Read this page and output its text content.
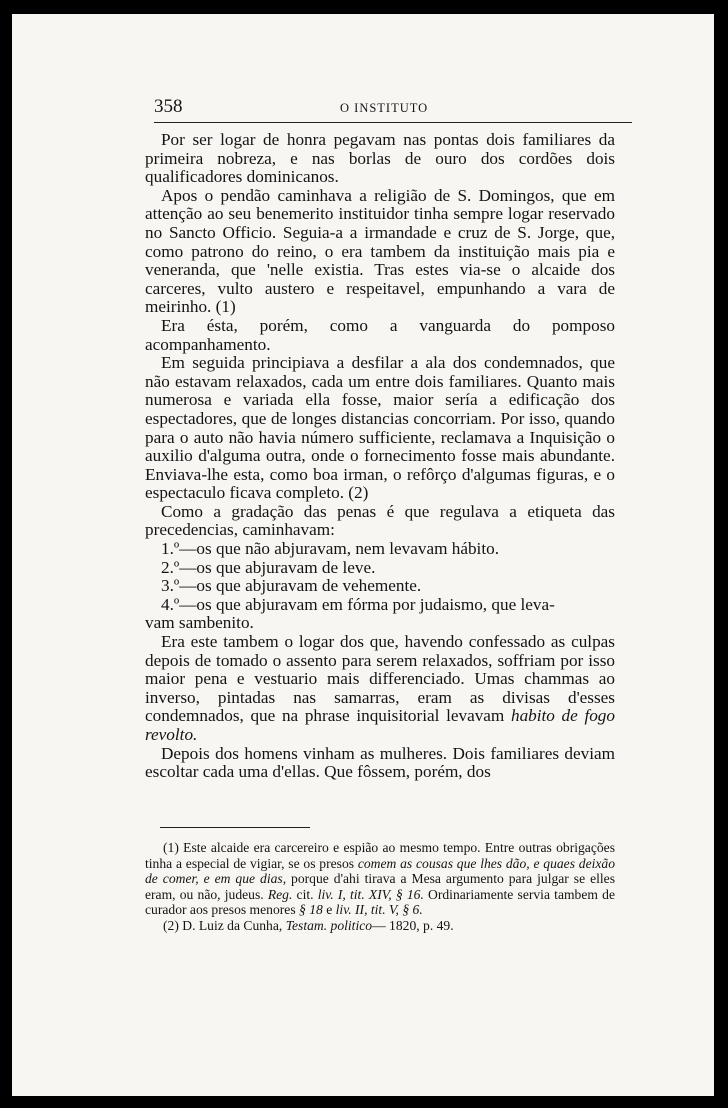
358	O INSTITUTO

Por ser logar de honra pegavam nas pontas dois familiares da primeira nobreza, e nas borlas de ouro dos cordões dois qualificadores dominicanos.

Apos o pendão caminhava a religião de S. Domingos, que em attenção ao seu benemerito instituidor tinha sempre logar reservado no Sancto Officio. Seguia-a a irmandade e cruz de S. Jorge, que, como patrono do reino, o era tambem da instituição mais pia e veneranda, que 'nelle existia. Tras estes via-se o alcaide dos carceres, vulto austero e respeitavel, empunhando a vara de meirinho. (1)

Era ésta, porém, como a vanguarda do pomposo acompanhamento.

Em seguida principiava a desfilar a ala dos condemnados, que não estavam relaxados, cada um entre dois familiares. Quanto mais numerosa e variada ella fosse, maior sería a edificação dos espectadores, que de longes distancias concorriam. Por isso, quando para o auto não havia número sufficiente, reclamava a Inquisição o auxilio d'alguma outra, onde o fornecimento fosse mais abundante. Enviava-lhe esta, como boa irman, o refôrço d'algumas figuras, e o espectaculo ficava completo. (2)

Como a gradação das penas é que regulava a etiqueta das precedencias, caminhavam:

1.º—os que não abjuravam, nem levavam hábito.

2.º—os que abjuravam de leve.

3.º—os que abjuravam de vehemente.

4.º—os que abjuravam em fórma por judaismo, que leva-
vam sambenito.

Era este tambem o logar dos que, havendo confessado as culpas depois de tomado o assento para serem relaxados, soffriam por isso maior pena e vestuario mais differenciado. Umas chammas ao inverso, pintadas nas samarras, eram as divisas d'esses condemnados, que na phrase inquisitorial levavam habito de fogo revolto.

Depois dos homens vinham as mulheres. Dois familiares deviam escoltar cada uma d'ellas. Que fôssem, porém, dos

(1) Este alcaide era carcereiro e espião ao mesmo tempo. Entre outras obrigações tinha a especial de vigiar, se os presos comem as cousas que lhes dão, e quaes deixão de comer, e em que dias, porque d'ahi tirava a Mesa argumento para julgar se elles eram, ou não, judeus. Reg. cit. liv. I, tit. XIV, § 16. Ordinariamente servia tambem de curador aos presos menores § 18 e liv. II, tit. V, § 6.

(2) D. Luiz da Cunha, Testam. politico— 1820, p. 49.
